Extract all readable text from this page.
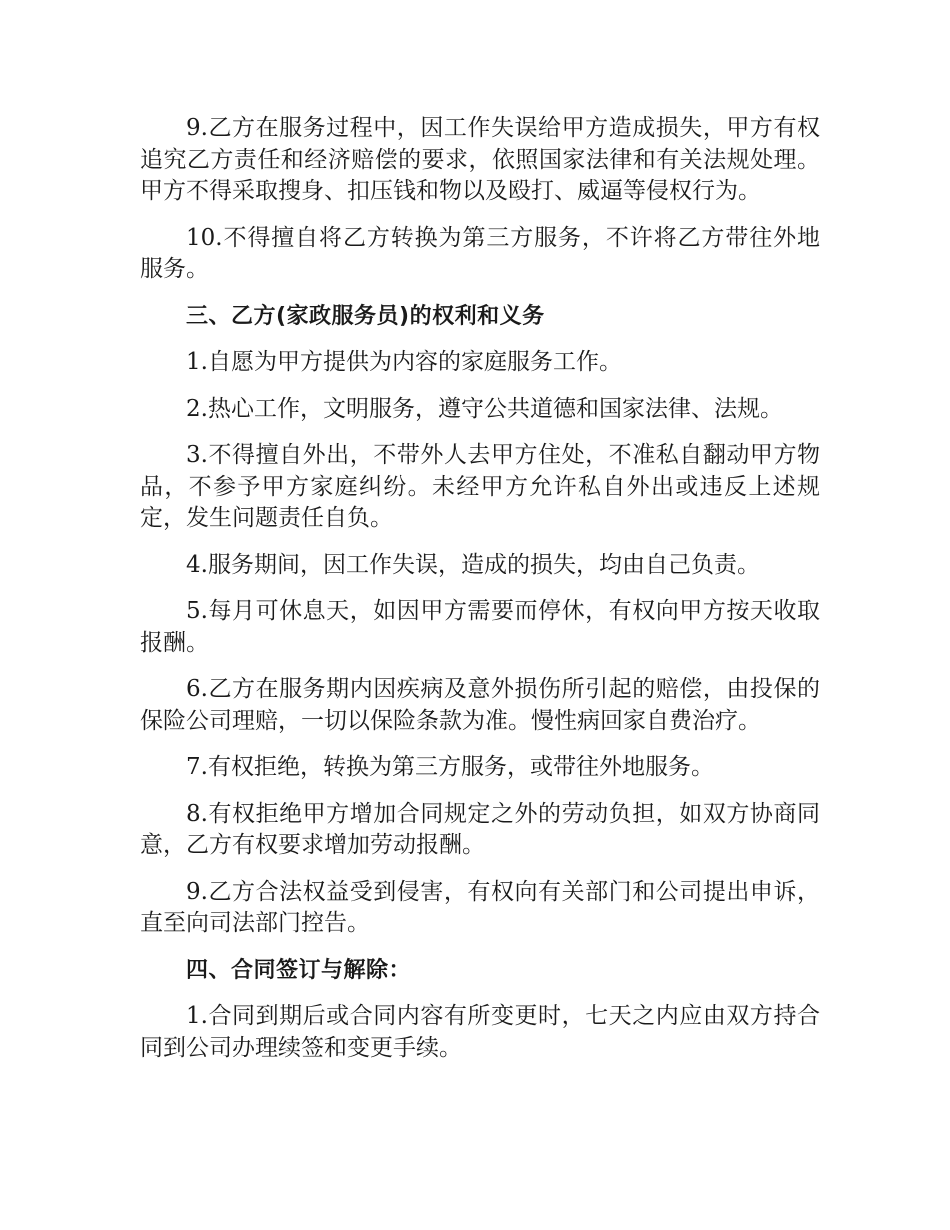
9.乙方在服务过程中，因工作失误给甲方造成损失，甲方有权追究乙方责任和经济赔偿的要求，依照国家法律和有关法规处理。甲方不得采取搜身、扣压钱和物以及殴打、威逼等侵权行为。

10.不得擅自将乙方转换为第三方服务，不许将乙方带往外地服务。

三、乙方(家政服务员)的权利和义务

1.自愿为甲方提供为内容的家庭服务工作。

2.热心工作，文明服务，遵守公共道德和国家法律、法规。

3.不得擅自外出，不带外人去甲方住处，不准私自翻动甲方物品，不参予甲方家庭纠纷。未经甲方允许私自外出或违反上述规定，发生问题责任自负。

4.服务期间，因工作失误，造成的损失，均由自己负责。

5.每月可休息天，如因甲方需要而停休，有权向甲方按天收取报酬。

6.乙方在服务期内因疾病及意外损伤所引起的赔偿，由投保的保险公司理赔，一切以保险条款为准。慢性病回家自费治疗。

7.有权拒绝，转换为第三方服务，或带往外地服务。

8.有权拒绝甲方增加合同规定之外的劳动负担，如双方协商同意，乙方有权要求增加劳动报酬。

9.乙方合法权益受到侵害，有权向有关部门和公司提出申诉，直至向司法部门控告。

四、合同签订与解除：

1.合同到期后或合同内容有所变更时，七天之内应由双方持合同到公司办理续签和变更手续。
